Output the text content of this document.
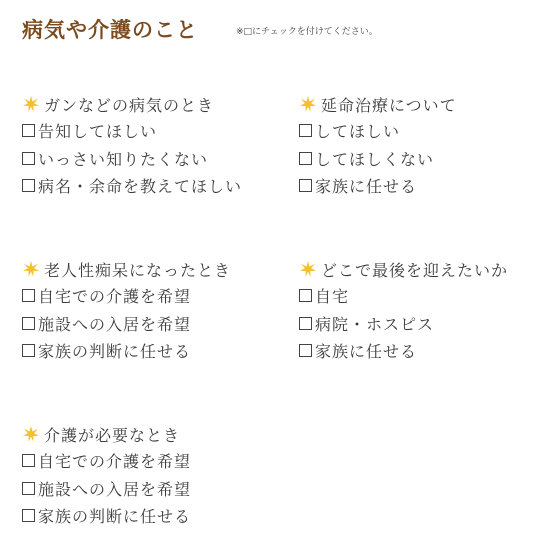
病気や介護のこと	※□にチェックを付けてください。
ガンなどの病気のとき
告知してほしい
いっさい知りたくない
病名・余命を教えてほしい
延命治療について
してほしい
してほしくない
家族に任せる
老人性痴呆になったとき
自宅での介護を希望
施設への入居を希望
家族の判断に任せる
どこで最後を迎えたいか
自宅
病院・ホスピス
家族に任せる
介護が必要なとき
自宅での介護を希望
施設への入居を希望
家族の判断に任せる
